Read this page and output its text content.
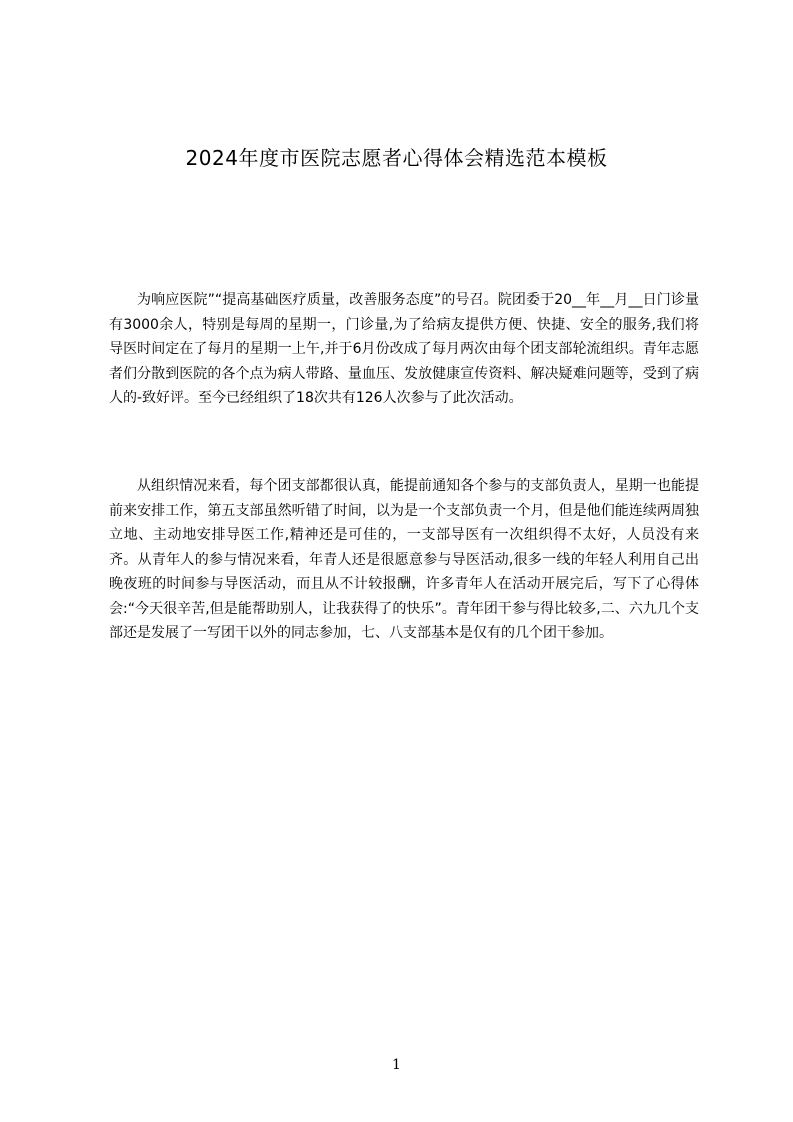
2024年度市医院志愿者心得体会精选范本模板

为响应医院”“提高基础医疗质量，改善服务态度”的号召。院团委于20__年__月__日门诊量有3000余人，特别是每周的星期一，门诊量,为了给病友提供方便、快捷、安全的服务,我们将导医时间定在了每月的星期一上午,并于6月份改成了每月两次由每个团支部轮流组织。青年志愿者们分散到医院的各个点为病人带路、量血压、发放健康宣传资料、解决疑难问题等，受到了病人的-致好评。至今已经组织了18次共有126人次参与了此次活动。

从组织情况来看，每个团支部都很认真，能提前通知各个参与的支部负责人，星期一也能提前来安排工作，第五支部虽然听错了时间，以为是一个支部负责一个月，但是他们能连续两周独立地、主动地安排导医工作,精神还是可佳的，一支部导医有一次组织得不太好，人员没有来齐。从青年人的参与情况来看，年青人还是很愿意参与导医活动,很多一线的年轻人利用自己出晚夜班的时间参与导医活动，而且从不计较报酬，许多青年人在活动开展完后，写下了心得体会:“今天很辛苦,但是能帮助别人，让我获得了的快乐”。青年团干参与得比较多,二、六九几个支部还是发展了一写团干以外的同志参加，七、八支部基本是仅有的几个团干参加。

1
